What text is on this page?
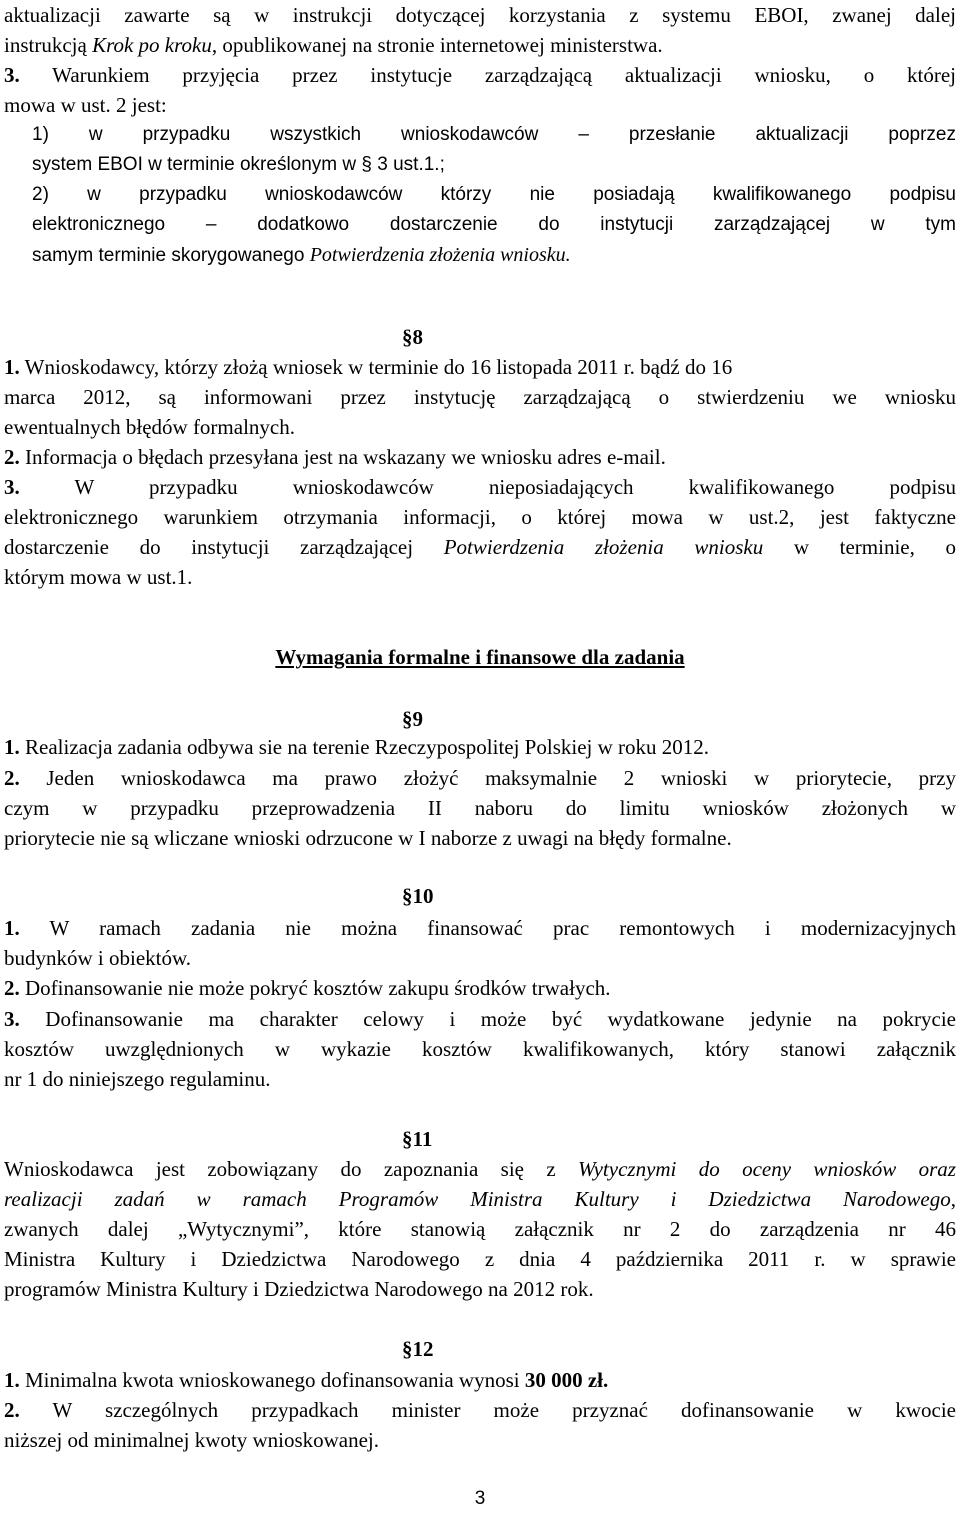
aktualizacji zawarte są w instrukcji dotyczącej korzystania z systemu EBOI, zwanej dalej

instrukcją Krok po kroku, opublikowanej na stronie internetowej ministerstwa.

3. Warunkiem przyjęcia przez instytucje zarządzającą aktualizacji wniosku, o której

mowa w ust. 2 jest:

1) w przypadku wszystkich wnioskodawców – przesłanie aktualizacji poprzez

system EBOI w terminie określonym w § 3 ust.1.;

2) w przypadku wnioskodawców którzy nie posiadają kwalifikowanego podpisu

elektronicznego – dodatkowo dostarczenie do instytucji zarządzającej w tym

samym terminie skorygowanego Potwierdzenia złożenia wniosku.

§8

1. Wnioskodawcy, którzy złożą wniosek w terminie do 16 listopada 2011 r. bądź do 16

marca 2012, są informowani przez instytucję zarządzającą o stwierdzeniu we wniosku

ewentualnych błędów formalnych.

2. Informacja o błędach przesyłana jest na wskazany we wniosku adres e-mail.

3. W przypadku wnioskodawców nieposiadających kwalifikowanego podpisu

elektronicznego warunkiem otrzymania informacji, o której mowa w ust.2, jest faktyczne

dostarczenie do instytucji zarządzającej Potwierdzenia złożenia wniosku w terminie, o

którym mowa w ust.1.

Wymagania formalne i finansowe dla zadania
§9

1. Realizacja zadania odbywa sie na terenie Rzeczypospolitej Polskiej w roku 2012.

2. Jeden wnioskodawca ma prawo złożyć maksymalnie 2 wnioski w priorytecie, przy

czym w przypadku przeprowadzenia II naboru do limitu wniosków złożonych w

priorytecie nie są wliczane wnioski odrzucone w I naborze z uwagi na błędy formalne.

§10

1. W ramach zadania nie można finansować prac remontowych i modernizacyjnych

budynków i obiektów.

2. Dofinansowanie nie może pokryć kosztów zakupu środków trwałych.

3. Dofinansowanie ma charakter celowy i może być wydatkowane jedynie na pokrycie

kosztów uwzględnionych w wykazie kosztów kwalifikowanych, który stanowi załącznik

nr 1 do niniejszego regulaminu.

§11

Wnioskodawca jest zobowiązany do zapoznania się z Wytycznymi do oceny wniosków oraz

realizacji zadań w ramach Programów Ministra Kultury i Dziedzictwa Narodowego,

zwanych dalej „Wytycznymi”, które stanowią załącznik nr 2 do zarządzenia nr 46

Ministra Kultury i Dziedzictwa Narodowego z dnia 4 października 2011 r. w sprawie

programów Ministra Kultury i Dziedzictwa Narodowego na 2012 rok.

§12

1. Minimalna kwota wnioskowanego dofinansowania wynosi 30 000 zł.

2. W szczególnych przypadkach minister może przyznać dofinansowanie w kwocie

niższej od minimalnej kwoty wnioskowanej.

3
